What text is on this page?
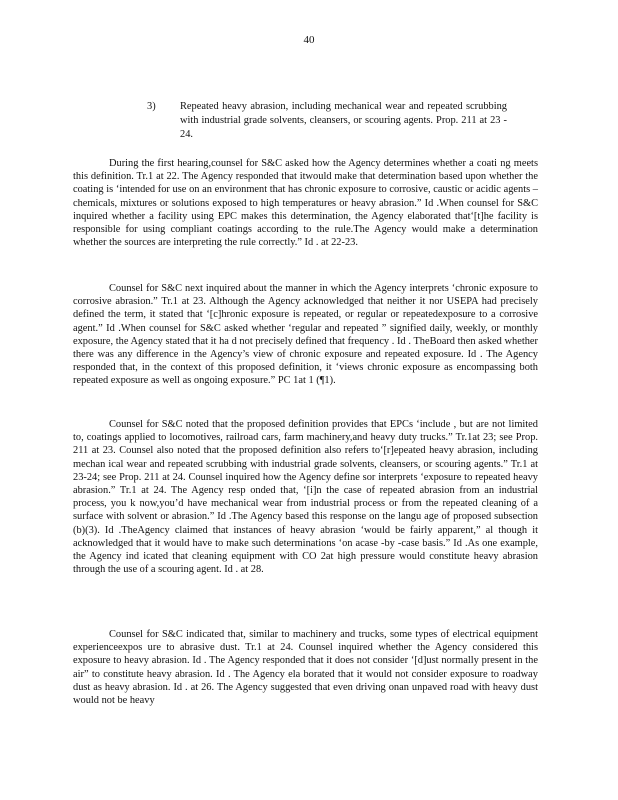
40
3)	Repeated heavy abrasion, including mechanical wear and repeated scrubbing with industrial grade solvents, cleansers, or scouring agents. Prop. 211 at 23 - 24.

During the first hearing,counsel for S&C asked how the Agency determines whether a coati ng meets this definition. Tr.1 at 22. The Agency responded that itwould make that determination based upon whether the coating is ‘intended for use on an environment that has chronic exposure to corrosive, caustic or acidic agents – chemicals, mixtures or solutions exposed to high temperatures or heavy abrasion.” Id .When counsel for S&C inquired whether a facility using EPC makes this determination, the Agency elaborated that‘[t]he facility is responsible for using compliant coatings according to the rule.The Agency would make a determination whether the sources are interpreting the rule correctly.” Id . at 22-23.

Counsel for S&C next inquired about the manner in which the Agency interprets ‘chronic exposure to corrosive abrasion.” Tr.1 at 23. Although the Agency acknowledged that neither it nor USEPA had precisely defined the term, it stated that ‘[c]hronic exposure is repeated, or regular or repeatedexposure to a corrosive agent.” Id .When counsel for S&C asked whether ‘regular and repeated ” signified daily, weekly, or monthly exposure, the Agency stated that it ha d not precisely defined that frequency . Id . TheBoard then asked whether there was any difference in the Agency’s view of chronic exposure and repeated exposure. Id . The Agency responded that, in the context of this proposed definition, it ‘views chronic exposure as encompassing both repeated exposure as well as ongoing exposure.” PC 1at 1 (¶1).

Counsel for S&C noted that the proposed definition provides that EPCs ‘include , but are not limited to, coatings applied to locomotives, railroad cars, farm machinery,and heavy duty trucks.” Tr.1at 23; see Prop. 211 at 23. Counsel also noted that the proposed definition also refers to‘[r]epeated heavy abrasion, including mechan ical wear and repeated scrubbing with industrial grade solvents, cleansers, or scouring agents.” Tr.1 at 23-24; see Prop. 211 at 24. Counsel inquired how the Agency define sor interprets ‘exposure to repeated heavy abrasion.” Tr.1 at 24. The Agency resp onded that, ‘[i]n the case of repeated abrasion from an industrial process, you k now,you’d have mechanical wear from industrial process or from the repeated cleaning of a surface with solvent or abrasion.” Id .The Agency based this response on the langu age of proposed subsection (b)(3). Id .TheAgency claimed that instances of heavy abrasion ‘would be fairly apparent,” al though it acknowledged that it would have to make such determinations ‘on acase -by -case basis.” Id .As one example, the Agency ind icated that cleaning equipment with CO 2at high pressure would constitute heavy abrasion through the use of a scouring agent. Id . at 28.

Counsel for S&C indicated that, similar to machinery and trucks, some types of electrical equipment experienceexpos ure to abrasive dust. Tr.1 at 24. Counsel inquired whether the Agency considered this exposure to heavy abrasion. Id . The Agency responded that it does not consider ‘[d]ust normally present in the air” to constitute heavy abrasion. Id . The Agency ela borated that it would not consider exposure to roadway dust as heavy abrasion. Id . at 26. The Agency suggested that even driving onan unpaved road with heavy dust would not be heavy
